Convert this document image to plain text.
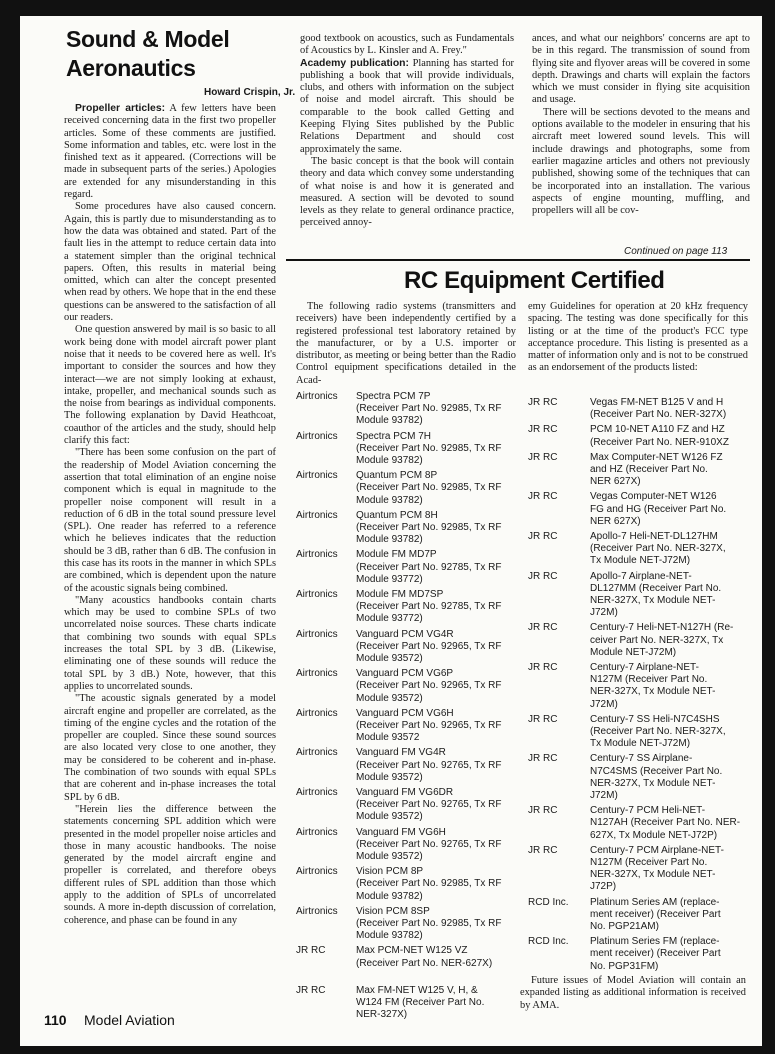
Sound & Model
Aeronautics
Howard Crispin, Jr.

Propeller articles: A few letters have been received concerning data in the first two propeller articles. Some of these comments are justified. Some information and tables, etc. were lost in the finished text as it appeared. (Corrections will be made in subsequent parts of the series.) Apologies are extended for any misunderstanding in this regard.

Some procedures have also caused concern. Again, this is partly due to misunderstanding as to how the data was obtained and stated. Part of the fault lies in the attempt to reduce certain data into a statement simpler than the original technical papers. Often, this results in material being omitted, which can alter the concept presented when read by others. We hope that in the end these questions can be answered to the satisfaction of all our readers.

One question answered by mail is so basic to all work being done with model aircraft power plant noise that it needs to be covered here as well. It's important to consider the sources and how they interact—we are not simply looking at exhaust, intake, propeller, and mechanical sounds such as the noise from bearings as individual components. The following explanation by David Heathcoat, coauthor of the articles and the study, should help clarify this fact:

"There has been some confusion on the part of the readership of Model Aviation concerning the assertion that total elimination of an engine noise component which is equal in magnitude to the propeller noise component will result in a reduction of 6 dB in the total sound pressure level (SPL). One reader has referred to a reference which he believes indicates that the reduction should be 3 dB, rather than 6 dB. The confusion in this case has its roots in the manner in which SPLs are combined, which is dependent upon the nature of the acoustic signals being combined.

"Many acoustics handbooks contain charts which may be used to combine SPLs of two uncorrelated noise sources. These charts indicate that combining two sounds with equal SPLs increases the total SPL by 3 dB. (Likewise, eliminating one of these sounds will reduce the total SPL by 3 dB.) Note, however, that this applies to uncorrelated sounds.

"The acoustic signals generated by a model aircraft engine and propeller are correlated, as the timing of the engine cycles and the rotation of the propeller are coupled. Since these sound sources are also located very close to one another, they may be considered to be coherent and in-phase. The combination of two sounds with equal SPLs that are coherent and in-phase increases the total SPL by 6 dB.

"Herein lies the difference between the statements concerning SPL addition which were presented in the model propeller noise articles and those in many acoustic handbooks. The noise generated by the model aircraft engine and propeller is correlated, and therefore obeys different rules of SPL addition than those which apply to the addition of SPLs of uncorrelated sounds. A more in-depth discussion of correlation, coherence, and phase can be found in any

good textbook on acoustics, such as Fundamentals of Acoustics by L. Kinsler and A. Frey."

Academy publication: Planning has started for publishing a book that will provide individuals, clubs, and others with information on the subject of noise and model aircraft. This should be comparable to the book called Getting and Keeping Flying Sites published by the Public Relations Department and should cost approximately the same.

The basic concept is that the book will contain theory and data which convey some understanding of what noise is and how it is generated and measured. A section will be devoted to sound levels as they relate to general ordinance practice, perceived annoy-

ances, and what our neighbors' concerns are apt to be in this regard. The transmission of sound from flying site and flyover areas will be covered in some depth. Drawings and charts will explain the factors which we must consider in flying site acquisition and usage.

There will be sections devoted to the means and options available to the modeler in ensuring that his aircraft meet lowered sound levels. This will include drawings and photographs, some from earlier magazine articles and others not previously published, showing some of the techniques that can be incorporated into an installation. The various aspects of engine mounting, muffling, and propellers will all be cov-

Continued on page 113
RC Equipment Certified
The following radio systems (transmitters and receivers) have been independently certified by a registered professional test laboratory retained by the manufacturer, or by a U.S. importer or distributor, as meeting or being better than the Radio Control equipment specifications detailed in the Acad-
emy Guidelines for operation at 20 kHz frequency spacing. The testing was done specifically for this listing or at the time of the product's FCC type acceptance procedure. This listing is presented as a matter of information only and is not to be construed as an endorsement of the products listed:
Airtronics Spectra PCM 7P
(Receiver Part No. 92985, Tx RF
Module 93782)
Airtronics Spectra PCM 7H
(Receiver Part No. 92985, Tx RF
Module 93782)
Airtronics Quantum PCM 8P
(Receiver Part No. 92985, Tx RF
Module 93782)
Airtronics Quantum PCM 8H
(Receiver Part No. 92985, Tx RF
Module 93782)
Airtronics Module FM MD7P
(Receiver Part No. 92785, Tx RF
Module 93772)
Airtronics Module FM MD7SP
(Receiver Part No. 92785, Tx RF
Module 93772)
Airtronics Vanguard PCM VG4R
(Receiver Part No. 92965, Tx RF
Module 93572)
Airtronics Vanguard PCM VG6P
(Receiver Part No. 92965, Tx RF
Module 93572)
Airtronics Vanguard PCM VG6H
(Receiver Part No. 92965, Tx RF
Module 93572
Airtronics Vanguard FM VG4R
(Receiver Part No. 92765, Tx RF
Module 93572)
Airtronics Vanguard FM VG6DR
(Receiver Part No. 92765, Tx RF
Module 93572)
Airtronics Vanguard FM VG6H
(Receiver Part No. 92765, Tx RF
Module 93572)
Airtronics Vision PCM 8P
(Receiver Part No. 92985, Tx RF
Module 93782)
Airtronics Vision PCM 8SP
(Receiver Part No. 92985, Tx RF
Module 93782)
JR RC	Max PCM-NET W125 VZ
(Receiver Part No. NER-627X)
JR RC	Max FM-NET W125 V, H, &
W124 FM (Receiver Part No.
NER-327X)
JR RC	Vegas FM-NET B125 V and H
(Receiver Part No. NER-327X)
JR RC	PCM 10-NET A110 FZ and HZ
(Receiver Part No. NER-910XZ
JR RC	Max Computer-NET W126 FZ
and HZ (Receiver Part No.
NER 627X)
JR RC	Vegas Computer-NET W126
FG and HG (Receiver Part No.
NER 627X)
JR RC	Apollo-7 Heli-NET-DL127HM
(Receiver Part No. NER-327X,
Tx Module NET-J72M)
JR RC	Apollo-7 Airplane-NET-
DL127MM (Receiver Part No.
NER-327X, Tx Module NET-
J72M)
JR RC	Century-7 Heli-NET-N127H (Re-
ceiver Part No. NER-327X, Tx
Module NET-J72M)
JR RC	Century-7 Airplane-NET-
N127M (Receiver Part No.
NER-327X, Tx Module NET-
J72M)
JR RC	Century-7 SS Heli-N7C4SHS
(Receiver Part No. NER-327X,
Tx Module NET-J72M)
JR RC	Century-7 SS Airplane-
N7C4SMS (Receiver Part No.
NER-327X, Tx Module NET-
J72M)
JR RC	Century-7 PCM Heli-NET-
N127AH (Receiver Part No. NER-
627X, Tx Module NET-J72P)
JR RC	Century-7 PCM Airplane-NET-
N127M (Receiver Part No.
NER-327X, Tx Module NET-
J72P)
RCD Inc. Platinum Series AM (replace-
ment receiver) (Receiver Part
No. PGP21AM)
RCD Inc. Platinum Series FM (replace-
ment receiver) (Receiver Part
No. PGP31FM)
Future issues of Model Aviation will contain an expanded listing as additional information is received by AMA.
110 Model Aviation
